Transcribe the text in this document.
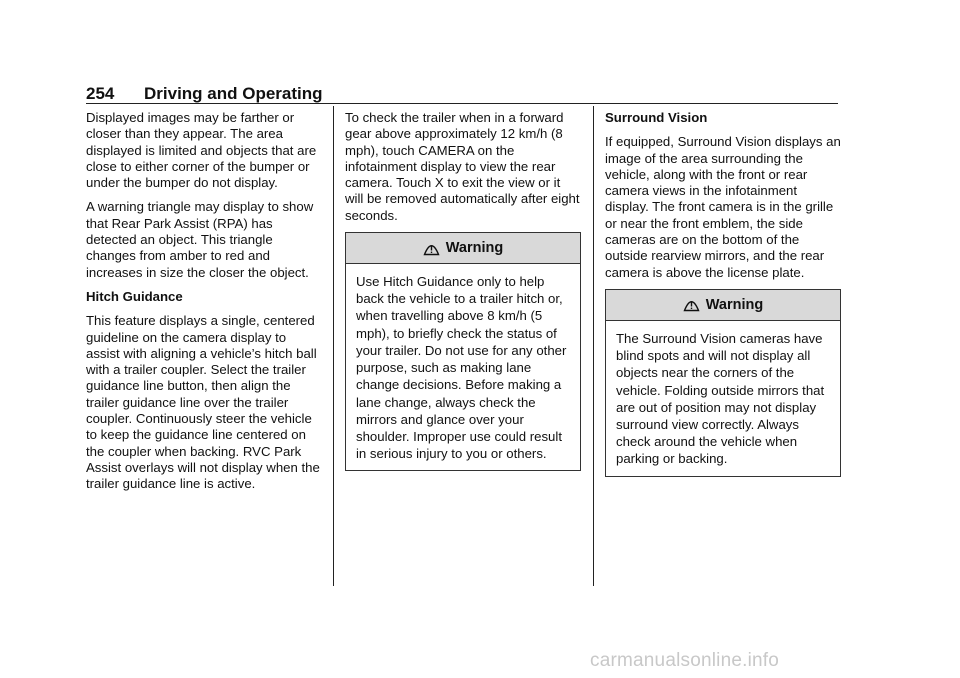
254 Driving and Operating

Displayed images may be farther or closer than they appear. The area displayed is limited and objects that are close to either corner of the bumper or under the bumper do not display.

A warning triangle may display to show that Rear Park Assist (RPA) has detected an object. This triangle changes from amber to red and increases in size the closer the object.

Hitch Guidance

This feature displays a single, centered guideline on the camera display to assist with aligning a vehicle’s hitch ball with a trailer coupler. Select the trailer guidance line button, then align the trailer guidance line over the trailer coupler. Continuously steer the vehicle to keep the guidance line centered on the coupler when backing. RVC Park Assist overlays will not display when the trailer guidance line is active.

To check the trailer when in a forward gear above approximately 12 km/h (8 mph), touch CAMERA on the infotainment display to view the rear camera. Touch X to exit the view or it will be removed automatically after eight seconds.

Warning
Use Hitch Guidance only to help back the vehicle to a trailer hitch or, when travelling above 8 km/h (5 mph), to briefly check the status of your trailer. Do not use for any other purpose, such as making lane change decisions. Before making a lane change, always check the mirrors and glance over your shoulder. Improper use could result in serious injury to you or others.

Surround Vision

If equipped, Surround Vision displays an image of the area surrounding the vehicle, along with the front or rear camera views in the infotainment display. The front camera is in the grille or near the front emblem, the side cameras are on the bottom of the outside rearview mirrors, and the rear camera is above the license plate.

Warning
The Surround Vision cameras have blind spots and will not display all objects near the corners of the vehicle. Folding outside mirrors that are out of position may not display surround view correctly. Always check around the vehicle when parking or backing.
carmanualsonline.info
